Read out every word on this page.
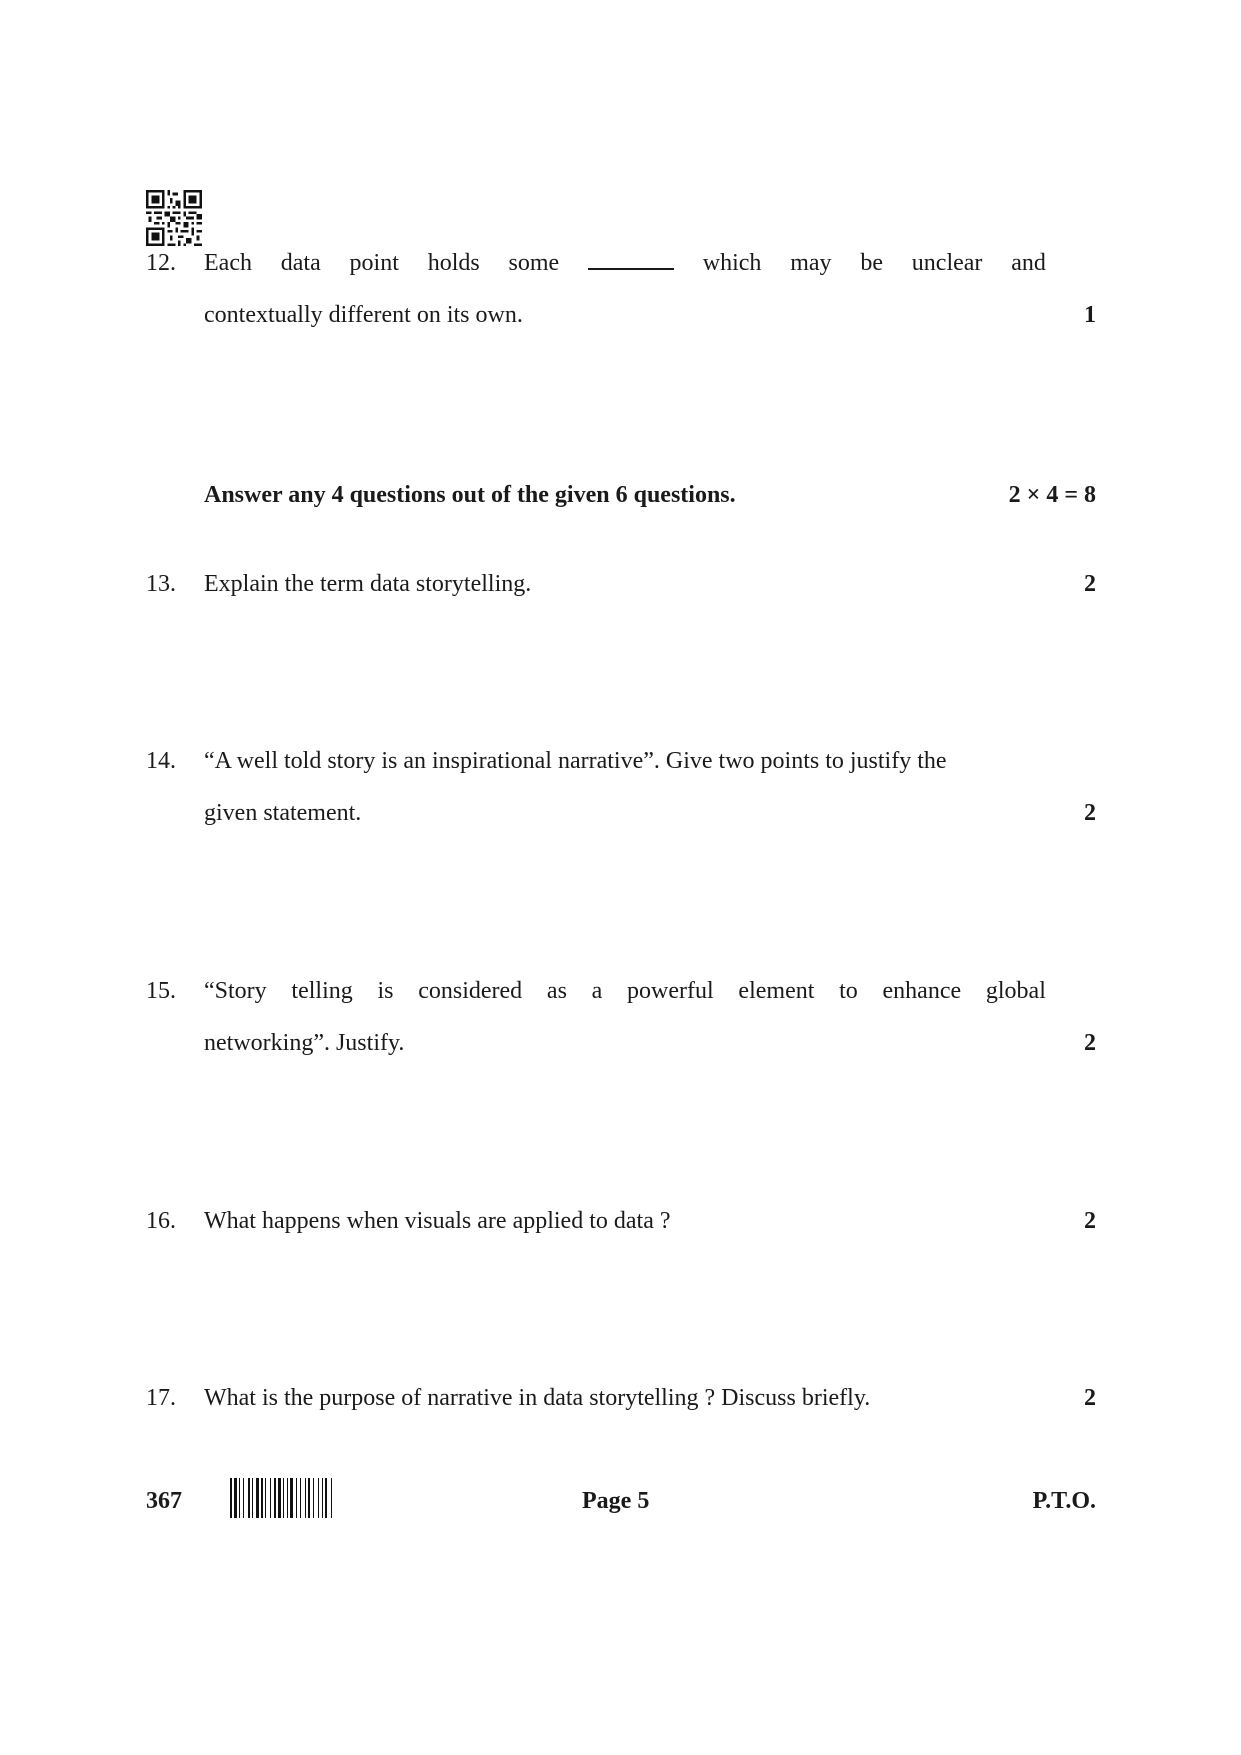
12. Each data point holds some	which may be unclear and
contextually different on its own.	1
Answer any 4 questions out of the given 6 questions.	2 × 4 = 8
13. Explain the term data storytelling.	2
14. “A well told story is an inspirational narrative”. Give two points to justify the
given statement.	2
15. “Story telling is considered as a powerful element to enhance global
networking”. Justify.	2
16. What happens when visuals are applied to data ?	2
17. What is the purpose of narrative in data storytelling ? Discuss briefly.	2
367	Page 5	P.T.O.
